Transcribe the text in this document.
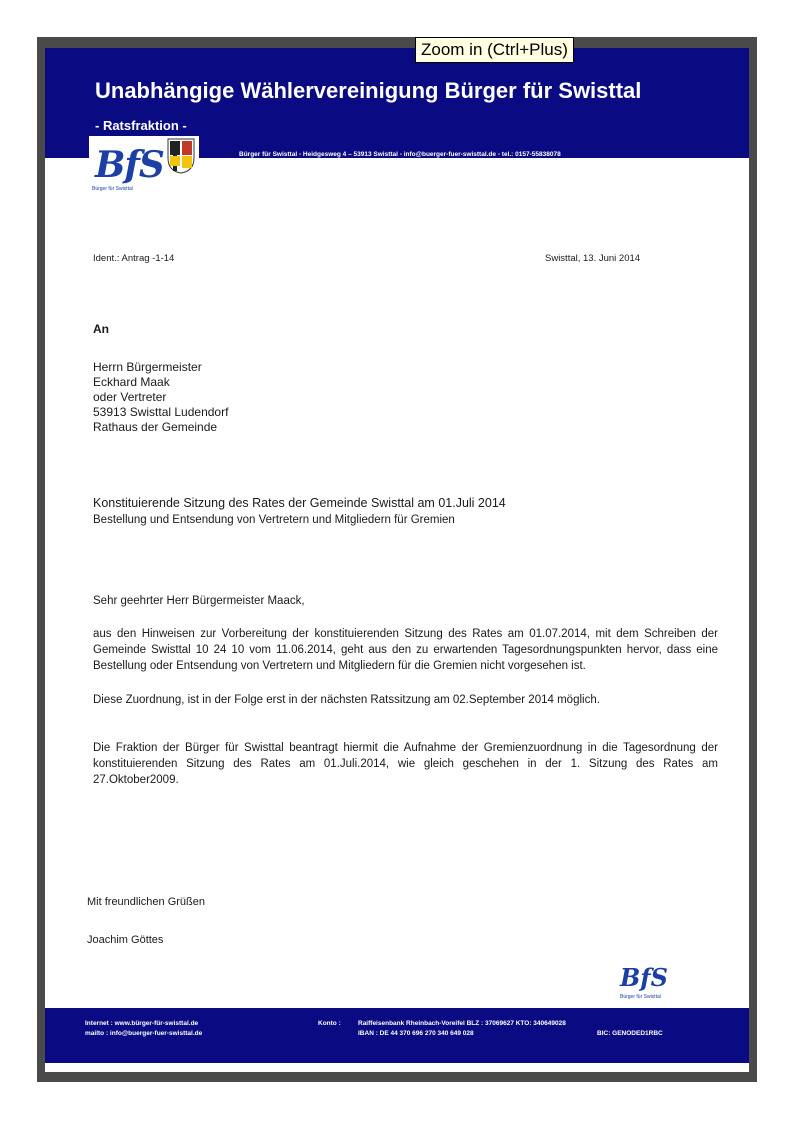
Unabhängige Wählervereinigung Bürger für Swisttal
- Ratsfraktion -
Bürger für Swisttal - Heidgesweg 4 – 53913 Swisttal - info@buerger-fuer-swisttal.de - tel.: 0157-55838078
BfS
Bürger für Swisttal
Ident.: Antrag -1-14	Swisttal, 13. Juni 2014
An
Herrn Bürgermeister
Eckhard Maak
oder Vertreter
53913 Swisttal Ludendorf
Rathaus der Gemeinde
Konstituierende Sitzung des Rates der Gemeinde Swisttal am 01.Juli 2014
Bestellung und Entsendung von Vertretern und Mitgliedern für Gremien
Sehr geehrter Herr Bürgermeister Maack,
aus den Hinweisen zur Vorbereitung der konstituierenden Sitzung des Rates am 01.07.2014, mit dem Schreiben der Gemeinde Swisttal 10 24 10 vom 11.06.2014, geht aus den zu erwartenden Tagesordnungspunkten hervor, dass eine Bestellung oder Entsendung von Vertretern und Mitgliedern für die Gremien nicht vorgesehen ist.
Diese Zuordnung, ist in der Folge erst in der nächsten Ratssitzung am 02.September 2014 möglich.
Die Fraktion der Bürger für Swisttal beantragt hiermit die Aufnahme der Gremienzuordnung in die Tagesordnung der konstituierenden Sitzung des Rates am 01.Juli.2014, wie gleich geschehen in der 1. Sitzung des Rates am 27.Oktober2009.
Mit freundlichen Grüßen
Joachim Göttes
BfS
Bürger für Swisttal
Internet : www.bürger-für-swisttal.de
mailto : info@buerger-fuer-swisttal.de
Konto :	Raiffeisenbank Rheinbach-Voreifel BLZ : 37069627 KTO: 340649028
IBAN : DE 44 370 696 270 340 649 028	BIC: GENODED1RBC
Zoom in (Ctrl+Plus)
